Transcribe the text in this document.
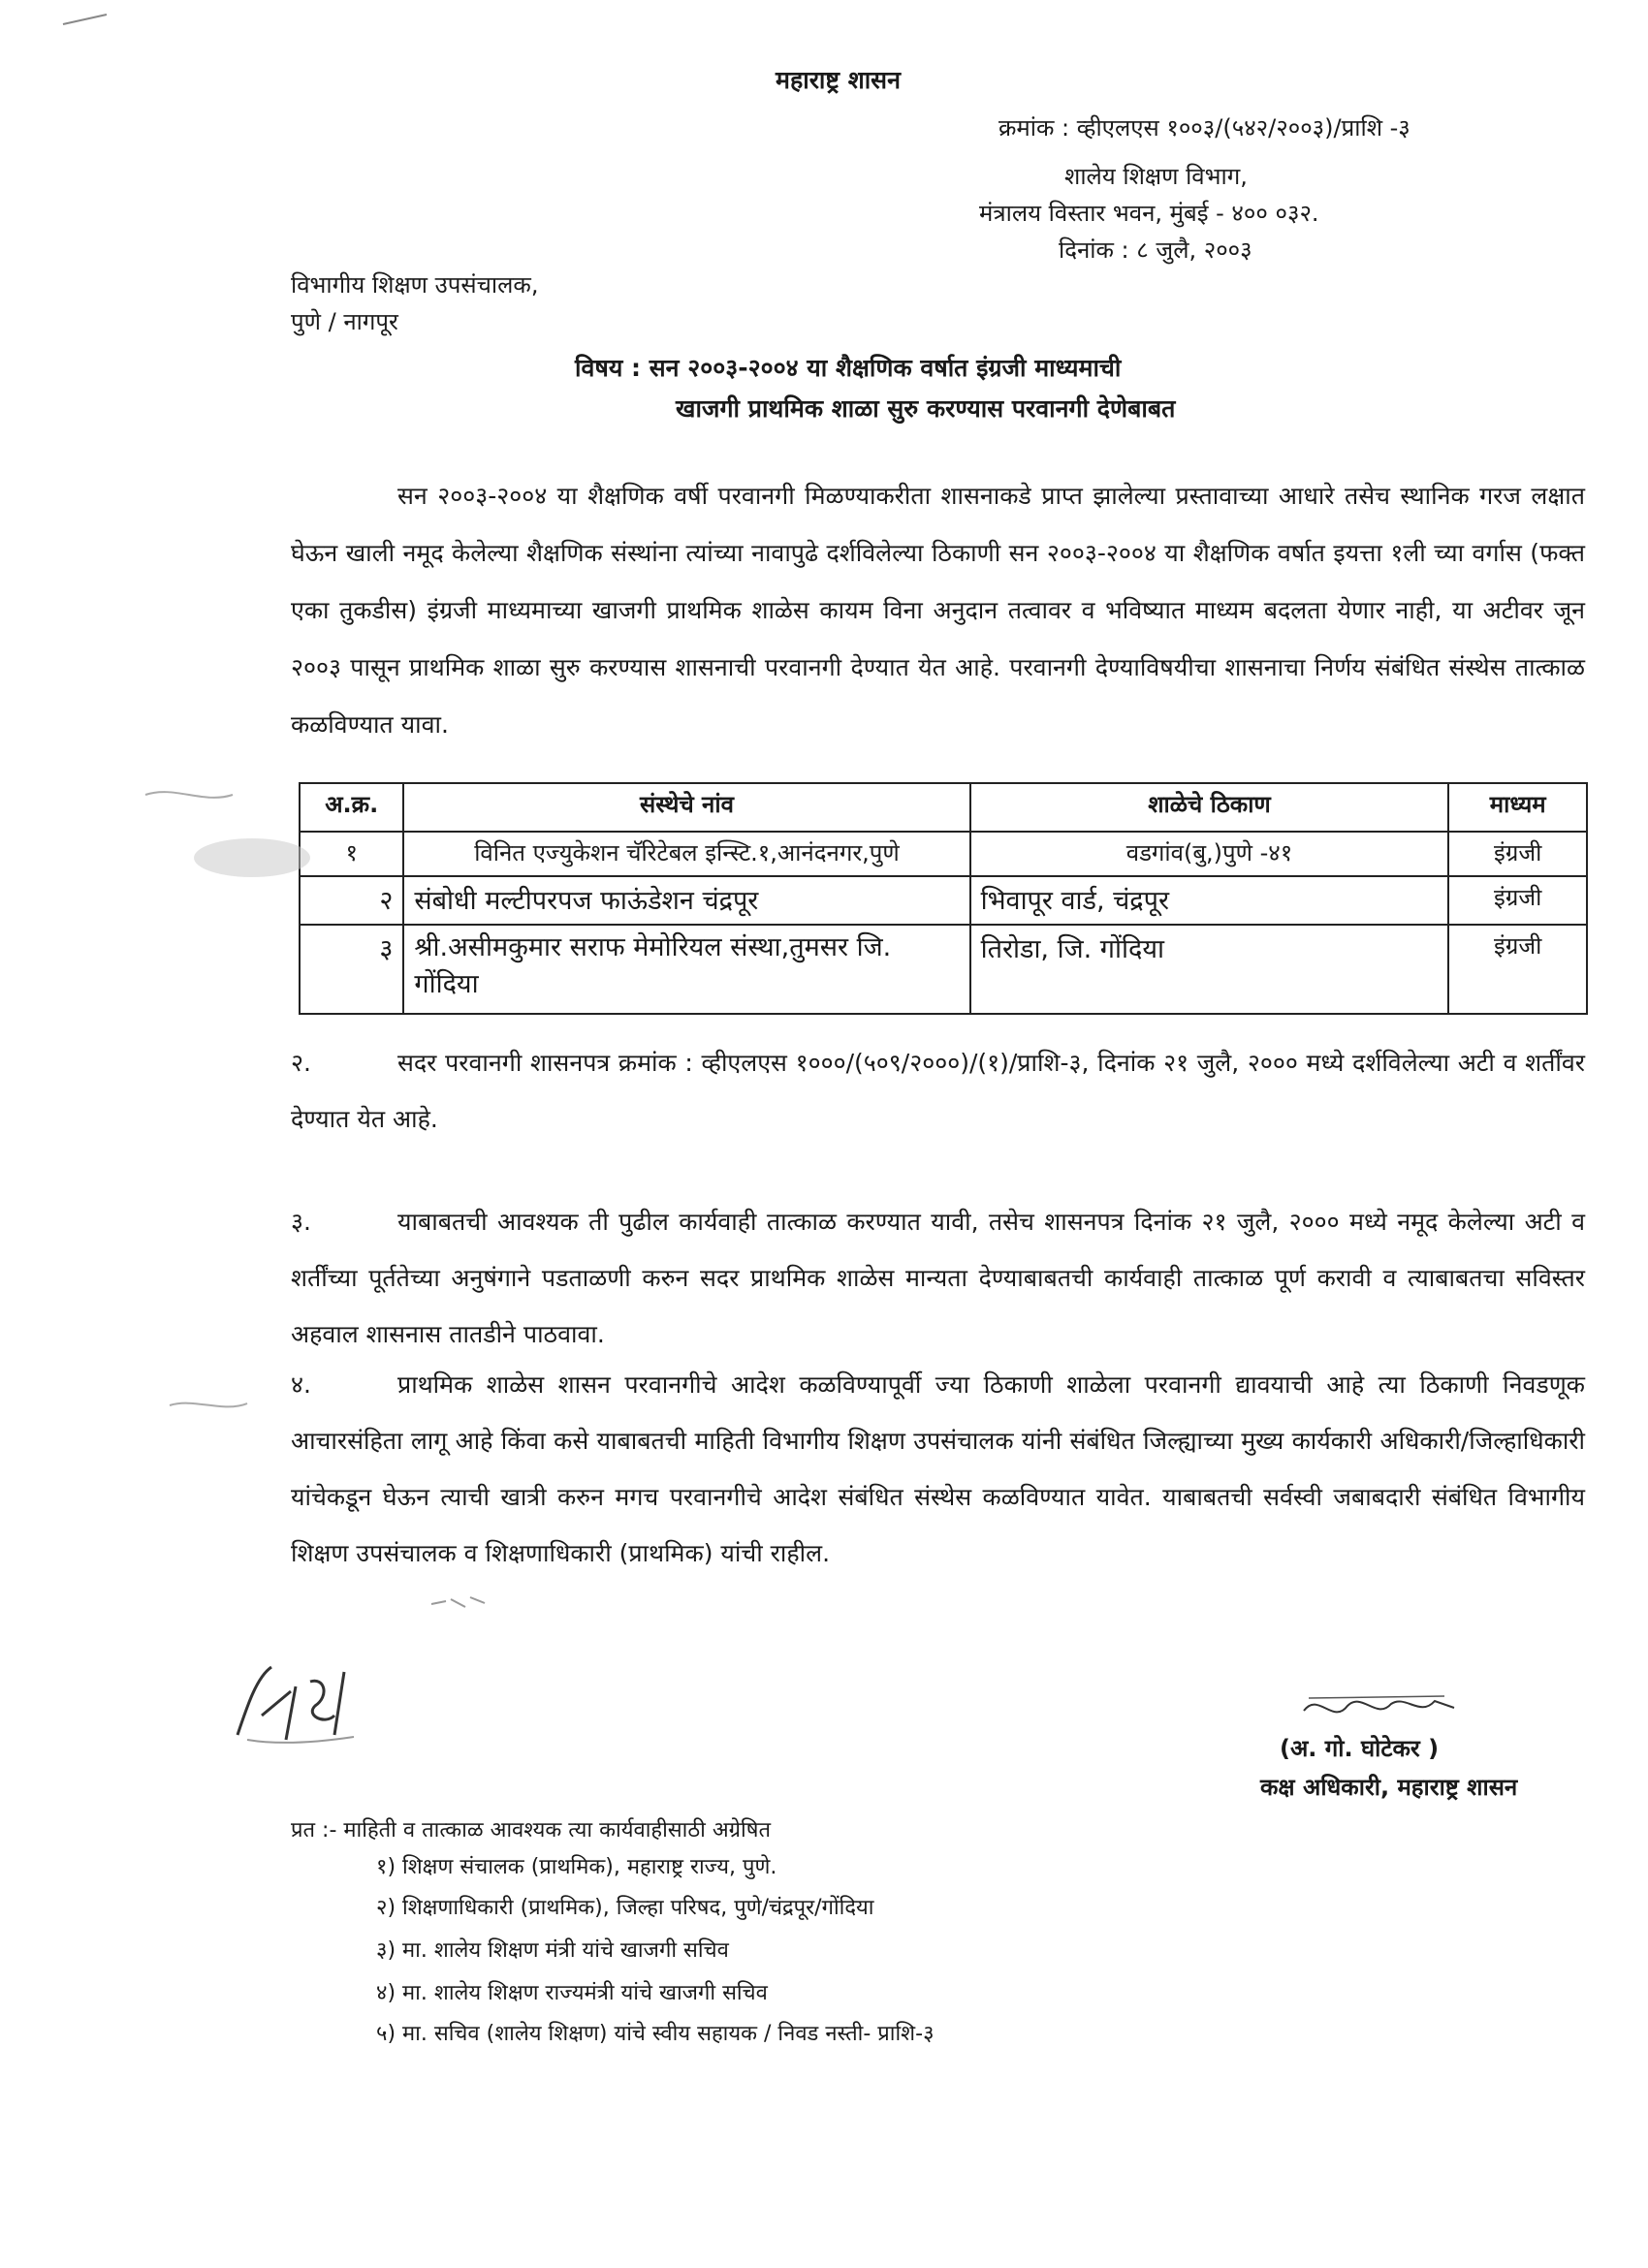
महाराष्ट्र शासन
क्रमांक : व्हीएलएस १००३/(५४२/२००३)/प्राशि -३
शालेय शिक्षण विभाग,
मंत्रालय विस्तार भवन, मुंबई - ४०० ०३२.
दिनांक : ८ जुलै, २००३
विभागीय शिक्षण उपसंचालक,
पुणे / नागपूर
विषय : सन २००३-२००४ या शैक्षणिक वर्षात इंग्रजी माध्यमाची
खाजगी प्राथमिक शाळा सुरु करण्यास परवानगी देणेबाबत

सन २००३-२००४ या शैक्षणिक वर्षी परवानगी मिळण्याकरीता शासनाकडे प्राप्त झालेल्या प्रस्तावाच्या आधारे तसेच स्थानिक गरज लक्षात घेऊन खाली नमूद केलेल्या शैक्षणिक संस्थांना त्यांच्या नावापुढे दर्शविलेल्या ठिकाणी सन २००३-२००४ या शैक्षणिक वर्षात इयत्ता १ली च्या वर्गास (फक्त एका तुकडीस) इंग्रजी माध्यमाच्या खाजगी प्राथमिक शाळेस कायम विना अनुदान तत्वावर व भविष्यात माध्यम बदलता येणार नाही, या अटीवर जून २००३ पासून प्राथमिक शाळा सुरु करण्यास शासनाची परवानगी देण्यात येत आहे. परवानगी देण्याविषयीचा शासनाचा निर्णय संबंधित संस्थेस तात्काळ कळविण्यात यावा.

अ.क्र.	संस्थेचे नांव	शाळेचे ठिकाण	माध्यम
१	विनित एज्युकेशन चॅरिटेबल इन्स्टि.१,आनंदनगर,पुणे	वडगांव(बु,)पुणे -४१	इंग्रजी
२	संबोधी मल्टीपरपज फाऊंडेशन चंद्रपूर	भिवापूर वार्ड, चंद्रपूर	इंग्रजी
३	श्री.असीमकुमार सराफ मेमोरियल संस्था,तुमसर जि. गोंदिया	तिरोडा, जि. गोंदिया	इंग्रजी

२.	सदर परवानगी शासनपत्र क्रमांक : व्हीएलएस १०००/(५०९/२०००)/(१)/प्राशि-३, दिनांक २१ जुलै, २००० मध्ये दर्शविलेल्या अटी व शर्तींवर देण्यात येत आहे.

३.	याबाबतची आवश्यक ती पुढील कार्यवाही तात्काळ करण्यात यावी, तसेच शासनपत्र दिनांक २१ जुलै, २००० मध्ये नमूद केलेल्या अटी व शर्तींच्या पूर्ततेच्या अनुषंगाने पडताळणी करुन सदर प्राथमिक शाळेस मान्यता देण्याबाबतची कार्यवाही तात्काळ पूर्ण करावी व त्याबाबतचा सविस्तर अहवाल शासनास तातडीने पाठवावा.

४.	प्राथमिक शाळेस शासन परवानगीचे आदेश कळविण्यापूर्वी ज्या ठिकाणी शाळेला परवानगी द्यावयाची आहे त्या ठिकाणी निवडणूक आचारसंहिता लागू आहे किंवा कसे याबाबतची माहिती विभागीय शिक्षण उपसंचालक यांनी संबंधित जिल्ह्याच्या मुख्य कार्यकारी अधिकारी/जिल्हाधिकारी यांचेकडून घेऊन त्याची खात्री करुन मगच परवानगीचे आदेश संबंधित संस्थेस कळविण्यात यावेत. याबाबतची सर्वस्वी जबाबदारी संबंधित विभागीय शिक्षण उपसंचालक व शिक्षणाधिकारी (प्राथमिक) यांची राहील.

(अ. गो. घोटेकर )
कक्ष अधिकारी, महाराष्ट्र शासन
प्रत :- माहिती व तात्काळ आवश्यक त्या कार्यवाहीसाठी अग्रेषित
१) शिक्षण संचालक (प्राथमिक), महाराष्ट्र राज्य, पुणे.
२) शिक्षणाधिकारी (प्राथमिक), जिल्हा परिषद, पुणे/चंद्रपूर/गोंदिया
३) मा. शालेय शिक्षण मंत्री यांचे खाजगी सचिव
४) मा. शालेय शिक्षण राज्यमंत्री यांचे खाजगी सचिव
५) मा. सचिव (शालेय शिक्षण) यांचे स्वीय सहायक / निवड नस्ती- प्राशि-३
